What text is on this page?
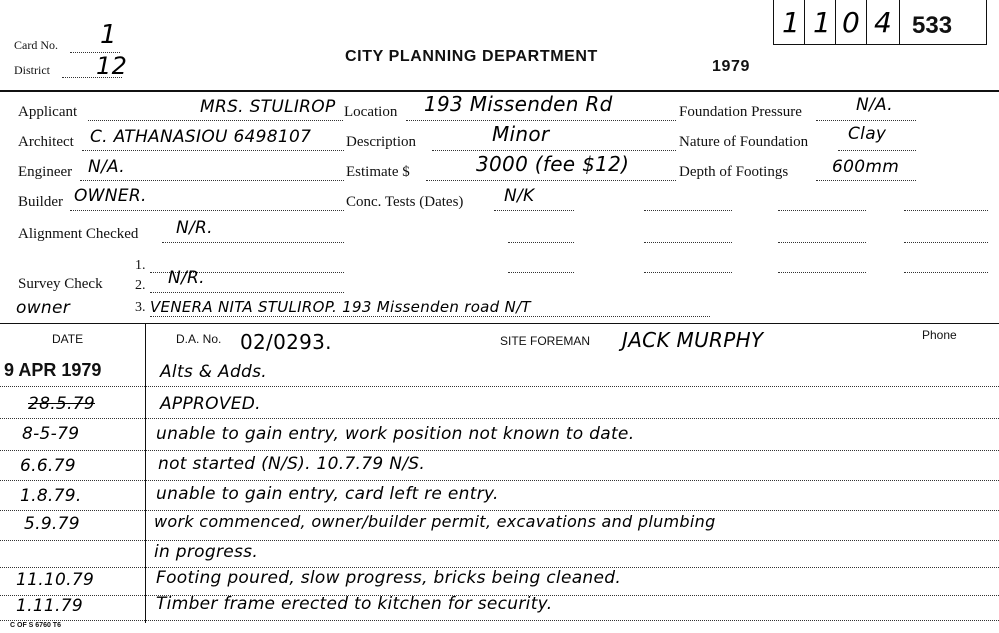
Card No. 1
District 12	CITY PLANNING DEPARTMENT
1979
1 1 0 4 533
Applicant	MRS. STULIROP Location 193 Missenden Rd	Foundation Pressure	N/A.
Architect C. ATHANASIOU 6498107 Description	Minor	Nature of Foundation Clay
Engineer N/A.	Estimate $	3000 (fee $12)	Depth of Footings	600mm
Builder OWNER.	Conc. Tests (Dates) N/K
Alignment Checked N/R.
1.
Survey Check 2. N/R.
owner	3. VENERA NITA STULIROP. 193 Missenden road N/T
DATE	D.A. No. 02/0293.	SITE FOREMAN JACK MURPHY	Phone
9 APR 1979	Alts & Adds.
28.5.79	APPROVED.
8-5-79	unable to gain entry, work position not known to date.
6.6.79	not started (N/S). 10.7.79 N/S.
1.8.79.	unable to gain entry, card left re entry.
5.9.79	work commenced, owner/builder permit, excavations and plumbing
in progress.
11.10.79	Footing poured, slow progress, bricks being cleaned.
1.11.79	Timber frame erected to kitchen for security.
C OF S 6760 T6
